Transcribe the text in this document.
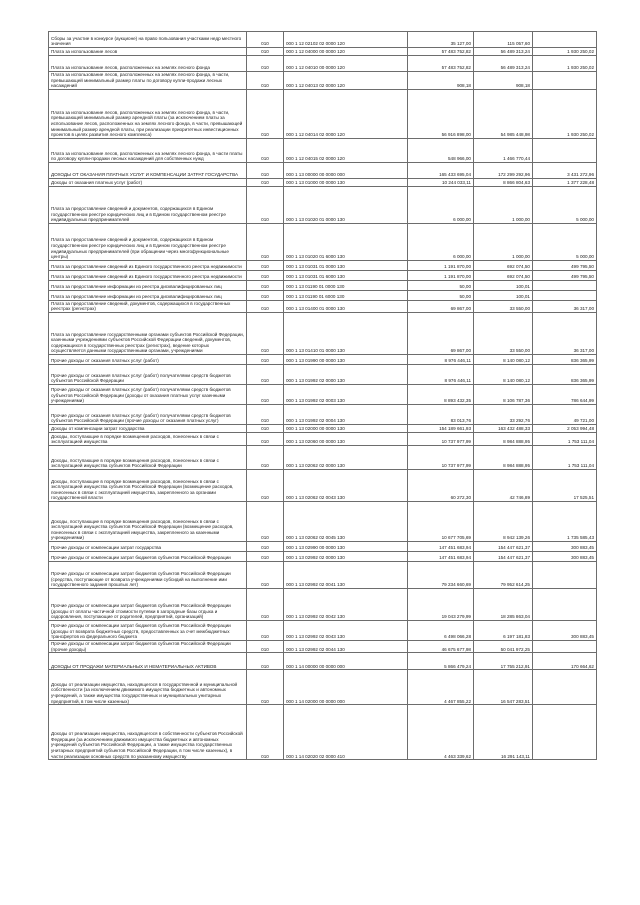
Сборы за участие в конкурсе (аукционе) на право пользования участками недр местного значения	010	000 1 12 02102 02 0000 120	35 127,00	115 057,60	
Плата за использование лесов	010	000 1 12 04000 00 0000 120	57 483 752,82	56 489 313,24	1 930 250,02
Плата за использование лесов, расположенных на землях лесного фонда	010	000 1 12 04010 00 0000 120	57 483 752,82	56 489 313,24	1 930 250,02
Плата за использование лесов, расположенных на землях лесного фонда, в части, превышающей минимальный размер платы по договору купли-продажи лесных насаждений	010	000 1 12 04013 02 0000 120	908,18	908,18	
Плата за использование лесов, расположенных на землях лесного фонда, в части, превышающей минимальный размер арендной платы (за исключением платы за использование лесов, расположенных на землях лесного фонда, в части, превышающей минимальный размер арендной платы, при реализации приоритетных инвестиционных проектов в целях развития лесного комплекса)	010	000 1 12 04014 02 0000 120	56 916 898,00	54 985 448,98	1 930 250,02
Плата за использование лесов, расположенных на землях лесного фонда, в части платы по договору купли-продажи лесных насаждений для собственных нужд	010	000 1 12 04015 02 0000 120	548 966,00	1 466 770,44	
ДОХОДЫ ОТ ОКАЗАНИЯ ПЛАТНЫХ УСЛУГ И КОМПЕНСАЦИИ ЗАТРАТ ГОСУДАРСТВА	010	000 1 13 00000 00 0000 000	165 433 695,04	172 299 292,96	3 431 272,96
Доходы от оказания платных услуг (работ)	010	000 1 13 01000 00 0000 130	10 244 033,11	8 866 804,63	1 377 228,48
Плата за предоставление сведений и документов, содержащихся в Едином государственном реестре юридических лиц и в Едином государственном реестре индивидуальных предпринимателей	010	000 1 13 01020 01 0000 130	6 000,00	1 000,00	5 000,00
Плата за предоставление сведений и документов, содержащихся в Едином государственном реестре юридических лиц и в Едином государственном реестре индивидуальных предпринимателей (при обращении через многофункциональные центры)	010	000 1 13 01020 01 6000 130	6 000,00	1 000,00	5 000,00
Плата за предоставление сведений из Единого государственного реестра недвижимости	010	000 1 13 01031 01 0000 130	1 191 870,00	692 074,50	499 795,50
Плата за предоставление сведений из Единого государственного реестра недвижимости	010	000 1 13 01031 01 6000 130	1 191 870,00	692 074,50	499 795,50
Плата за предоставление информации из реестра дисквалифицированных лиц	010	000 1 13 01190 01 0000 130	50,00	100,01	
Плата за предоставление информации из реестра дисквалифицированных лиц	010	000 1 13 01190 01 6000 130	50,00	100,01	
Плата за предоставление сведений, документов, содержащихся в государственных реестрах (регистрах)	010	000 1 13 01400 01 0000 130	69 867,00	33 550,00	36 317,00
Плата за предоставление государственными органами субъектов Российской Федерации, казенными учреждениями субъектов Российской Федерации сведений, документов, содержащихся в государственных реестрах (регистрах), ведение которых осуществляется данными государственными органами, учреждениями	010	000 1 13 01410 01 0000 130	69 867,00	33 550,00	36 317,00
Прочие доходы от оказания платных услуг (работ)	010	000 1 13 01990 00 0000 130	8 976 446,11	8 140 080,12	836 365,99
Прочие доходы от оказания платных услуг (работ) получателями средств бюджетов субъектов Российской Федерации	010	000 1 13 01992 02 0000 130	8 976 446,11	8 140 080,12	836 365,99
Прочие доходы от оказания платных услуг (работ) получателями средств бюджетов субъектов Российской Федерации (доходы от оказания платных услуг казенными учреждениями)	010	000 1 13 01992 02 0003 130	8 893 432,35	8 106 787,36	786 644,99
Прочие доходы от оказания платных услуг (работ) получателями средств бюджетов субъектов Российской Федерации (прочие доходы от оказания платных услуг)	010	000 1 13 01992 02 0004 130	83 013,76	33 292,76	49 721,00
Доходы от компенсации затрат государства	010	000 1 13 02000 00 0000 130	154 189 661,93	163 432 488,33	2 053 994,48
Доходы, поступающие в порядке возмещения расходов, понесенных в связи с эксплуатацией имущества	010	000 1 13 02060 00 0000 130	10 737 977,99	8 984 888,95	1 753 111,04
Доходы, поступающие в порядке возмещения расходов, понесенных в связи с эксплуатацией имущества субъектов Российской Федерации	010	000 1 13 02062 02 0000 130	10 737 977,99	8 984 888,95	1 753 111,04
Доходы, поступающие в порядке возмещения расходов, понесенных в связи с эксплуатацией имущества субъектов Российской Федерации (возмещение расходов, понесенных в связи с эксплуатацией имущества, закрепленного за органами государственной власти	010	000 1 13 02062 02 0043 130	60 272,30	42 746,89	17 525,51
Доходы, поступающие в порядке возмещения расходов, понесенных в связи с эксплуатацией имущества субъектов Российской Федерации (возмещение расходов, понесенных в связи с эксплуатацией имущества, закрепленного за казенными учреждениями)	010	000 1 13 02062 02 0045 130	10 677 705,69	8 942 139,26	1 735 585,43
Прочие доходы от компенсации затрат государства	010	000 1 13 02990 00 0000 130	147 451 683,94	154 447 621,37	300 883,45
Прочие доходы от компенсации затрат бюджетов субъектов Российской Федерации	010	000 1 13 02992 02 0000 130	147 451 683,94	154 447 621,37	300 883,45
Прочие доходы от компенсации затрат бюджетов субъектов Российской Федерации (средства, поступающие от возврата учреждениями субсидий на выполнение ими государственного задания прошлых лет)	010	000 1 13 02992 02 0041 130	79 234 660,69	79 952 614,25	
Прочие доходы от компенсации затрат бюджетов субъектов Российской Федерации (доходы от оплаты частичной стоимости путевки в загородные базы отдыха и оздоровления, поступающие от родителей, предприятий, организаций)	010	000 1 13 02992 02 0042 130	19 043 279,99	18 285 863,04	
Прочие доходы от компенсации затрат бюджетов субъектов Российской Федерации (доходы от возврата бюджетных средств, предоставленных за счет межбюджетных трансфертов из федерального бюджета	010	000 1 13 02992 02 0043 130	6 498 066,28	6 197 181,83	300 883,45
Прочие доходы от компенсации затрат бюджетов субъектов Российской Федерации (прочие доходы)	010	000 1 13 02992 02 0044 130	46 675 677,98	50 041 972,25	
ДОХОДЫ ОТ ПРОДАЖИ МАТЕРИАЛЬНЫХ И НЕМАТЕРИАЛЬНЫХ АКТИВОВ	010	000 1 14 00000 00 0000 000	5 866 479,24	17 755 212,91	170 664,62
Доходы от реализации имущества, находящегося в государственной и муниципальной собственности (за исключением движимого имущества бюджетных и автономных учреждений, а также имущества государственных и муниципальных унитарных предприятий, в том числе казенных)	010	000 1 14 02000 00 0000 000	4 467 855,22	16 547 283,51	
Доходы от реализации имущества, находящегося в собственности субъектов Российской Федерации (за исключением движимого имущества бюджетных и автономных учреждений субъектов Российской Федерации, а также имущества государственных унитарных предприятий субъектов Российской Федерации, в том числе казенных), в части реализации основных средств по указанному имуществу	010	000 1 14 02020 02 0000 410	4 463 339,62	16 291 143,11	
